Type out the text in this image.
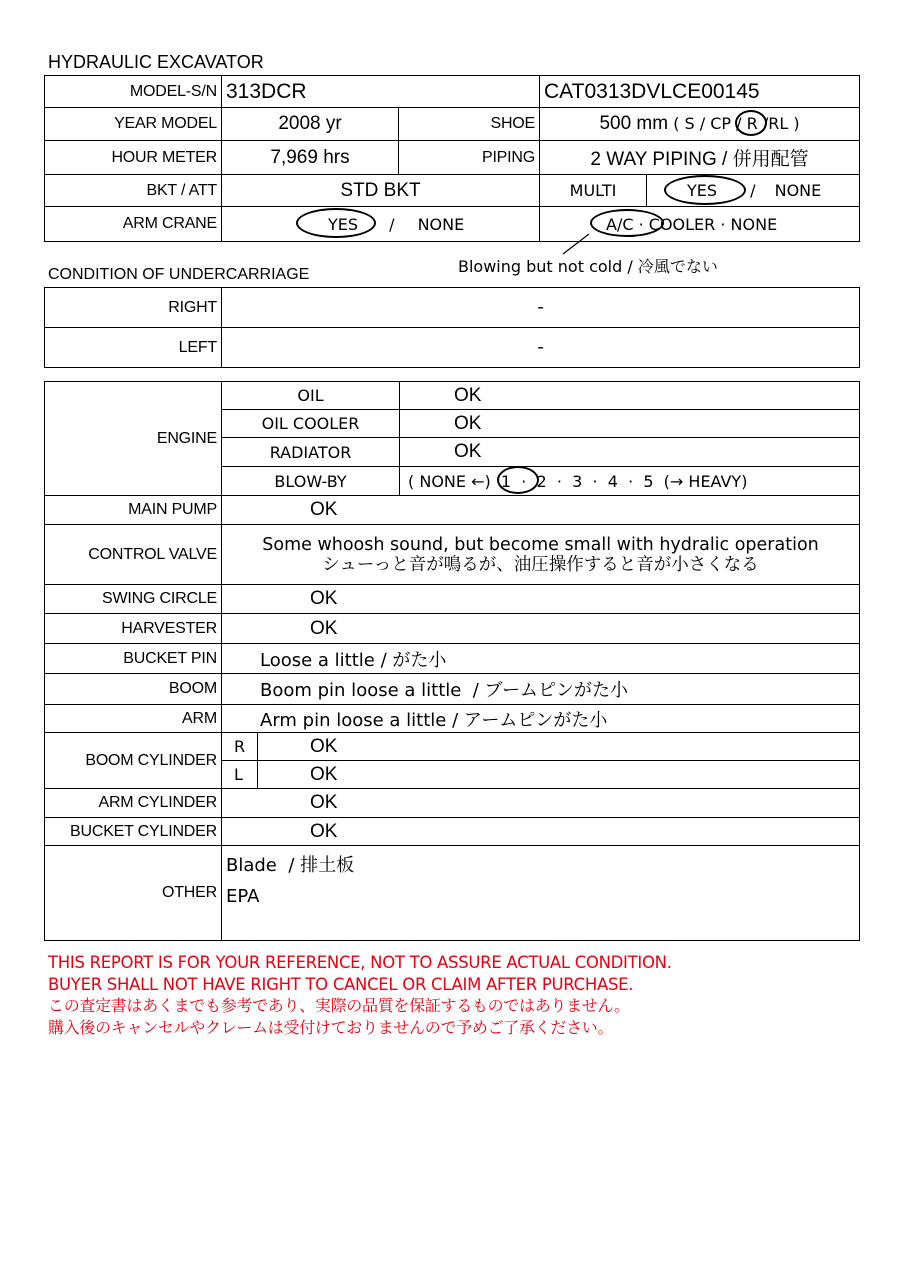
HYDRAULIC EXCAVATOR
MODEL-S/N	313DCR		CAT0313DVLCE00145	
YEAR MODEL	2008 yr	SHOE	500 mm ( S / CP / R /RL )	
HOUR METER	7,969 hrs	PIPING	2 WAY PIPING / 併用配管	
BKT / ATT	STD BKT		MULTI	YES / NONE
ARM CRANE	YES / NONE		A/C · COOLER · NONE	
Blowing but not cold / 冷風でない
CONDITION OF UNDERCARRIAGE
RIGHT	-
LEFT	-
ENGINE	OIL		OK
	OIL COOLER		OK
	RADIATOR		OK
	BLOW-BY		( NONE ←)  1  ·  2  ·  3  ·  4  ·  5  (→ HEAVY)
MAIN PUMP	OK		
CONTROL VALVE	Some whoosh sound, but become small with hydralic operation
シューっと音が鳴るが、油圧操作すると音が小さくなる		

SWING CIRCLE	OK		
HARVESTER	OK		
BUCKET PIN	Loose a little / がた小		
BOOM	Boom pin loose a little  / ブームピンがた小		
ARM	Arm pin loose a little / アームピンがた小		
BOOM CYLINDER	R	OK	
	L	OK	
ARM CYLINDER	OK		
BUCKET CYLINDER	OK		
OTHER	Blade  / 排土板
EPA		
THIS REPORT IS FOR YOUR REFERENCE, NOT TO ASSURE ACTUAL CONDITION.
BUYER SHALL NOT HAVE RIGHT TO CANCEL OR CLAIM AFTER PURCHASE.
この査定書はあくまでも参考であり、実際の品質を保証するものではありません。
購入後のキャンセルやクレームは受付けておりませんので予めご了承ください。
